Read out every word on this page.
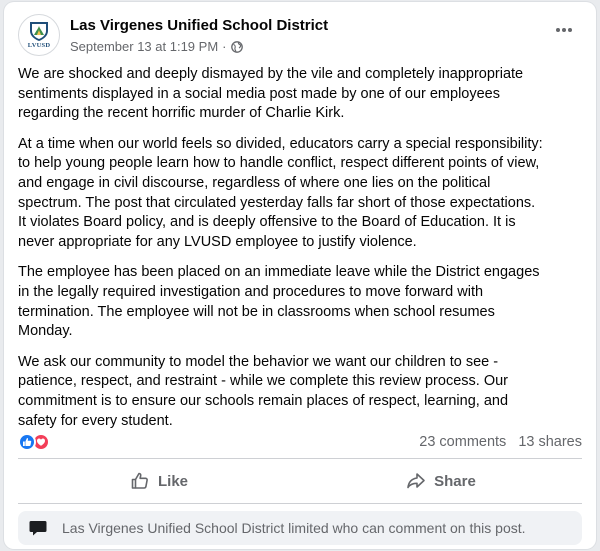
LVUSD
Las Virgenes Unified School District
September 13 at 1:19 PM ·

We are shocked and deeply dismayed by the vile and completely inappropriate
sentiments displayed in a social media post made by one of our employees
regarding the recent horrific murder of Charlie Kirk.

At a time when our world feels so divided, educators carry a special responsibility:
to help young people learn how to handle conflict, respect different points of view,
and engage in civil discourse, regardless of where one lies on the political
spectrum. The post that circulated yesterday falls far short of those expectations.
It violates Board policy, and is deeply offensive to the Board of Education. It is
never appropriate for any LVUSD employee to justify violence.

The employee has been placed on an immediate leave while the District engages
in the legally required investigation and procedures to move forward with
termination. The employee will not be in classrooms when school resumes
Monday.

We ask our community to model the behavior we want our children to see -
patience, respect, and restraint - while we complete this review process. Our
commitment is to ensure our schools remain places of respect, learning, and
safety for every student.

23 comments 13 shares
Like	Share
Las Virgenes Unified School District limited who can comment on this post.
